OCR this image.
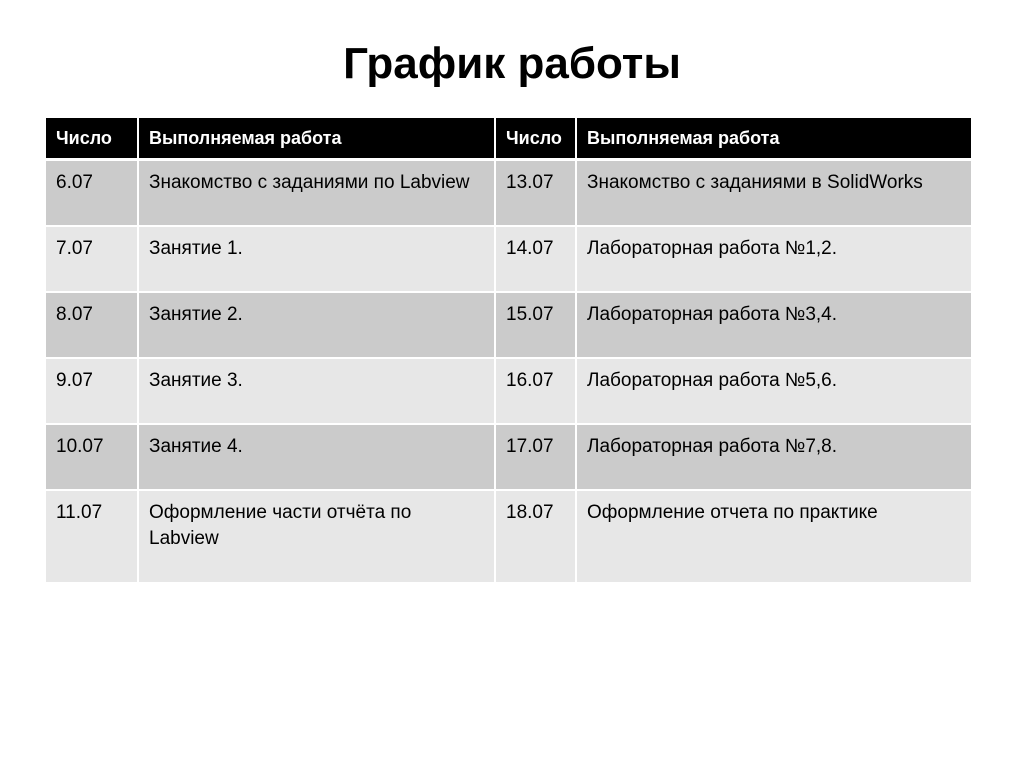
График работы
Число	Выполняемая работа	Число	Выполняемая работа
6.07	Знакомство с заданиями по Labview	13.07	Знакомство с заданиями в SolidWorks
7.07	Занятие 1.	14.07	Лабораторная работа №1,2.
8.07	Занятие 2.	15.07	Лабораторная работа №3,4.
9.07	Занятие 3.	16.07	Лабораторная работа №5,6.
10.07	Занятие 4.	17.07	Лабораторная работа №7,8.
11.07	Оформление части отчёта по Labview	18.07	Оформление отчета по практике
